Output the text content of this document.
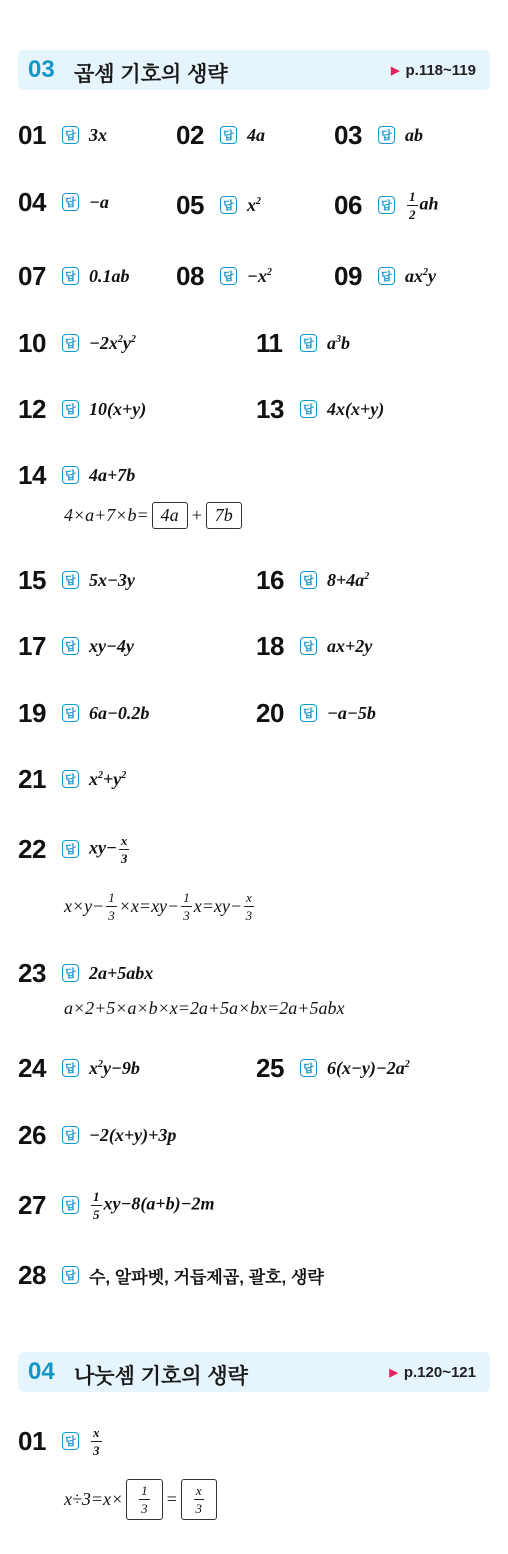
03 곱셈 기호의 생략	▶ p.118~119
01	답 3x	02	답 4a	03	답 ab
04	답 −a	05	답 $x^2$	06	답 $\frac{1}{2}$ ah
07	답 0.1ab 08	답 $-x^2$ 09	답 $ax^2y$
10	답 $-2x^2y^2$	11	답 $a^3b$
12	답 10(x+y)	13	답 4x(x+y)
14	답 4a+7b
4×a+7×b= 4a + 7b
15	답 5x−3y	16	답 $8+4a^2$
17	답 xy−4y	18	답 ax+2y
19	답 6a−0.2b	20	답 −a−5b
21	답 $x^2+y^2$
22	답 $xy- \frac{x}{3}$
$x\times y- \frac{1}{3} \times x=xy- \frac{1}{3} x=xy- \frac{x}{3}$
23	답 2a+5abx
a×2+5×a×b×x=2a+5a×bx=2a+5abx
24	답 $x^2y-9b$	25	답 $6(x-y)-2a^2$
26	답 −2(x+y)+3p
27	답 $\frac{1}{5} xy-8(a+b)-2m$
28	답 수, 알파벳, 거듭제곱, 괄호, 생략
04 나눗셈 기호의 생략	▶ p.120~121
01	답 $\frac{x}{3}$
$x\div 3=x\times \frac{1}{3} = \frac{x}{3}$
